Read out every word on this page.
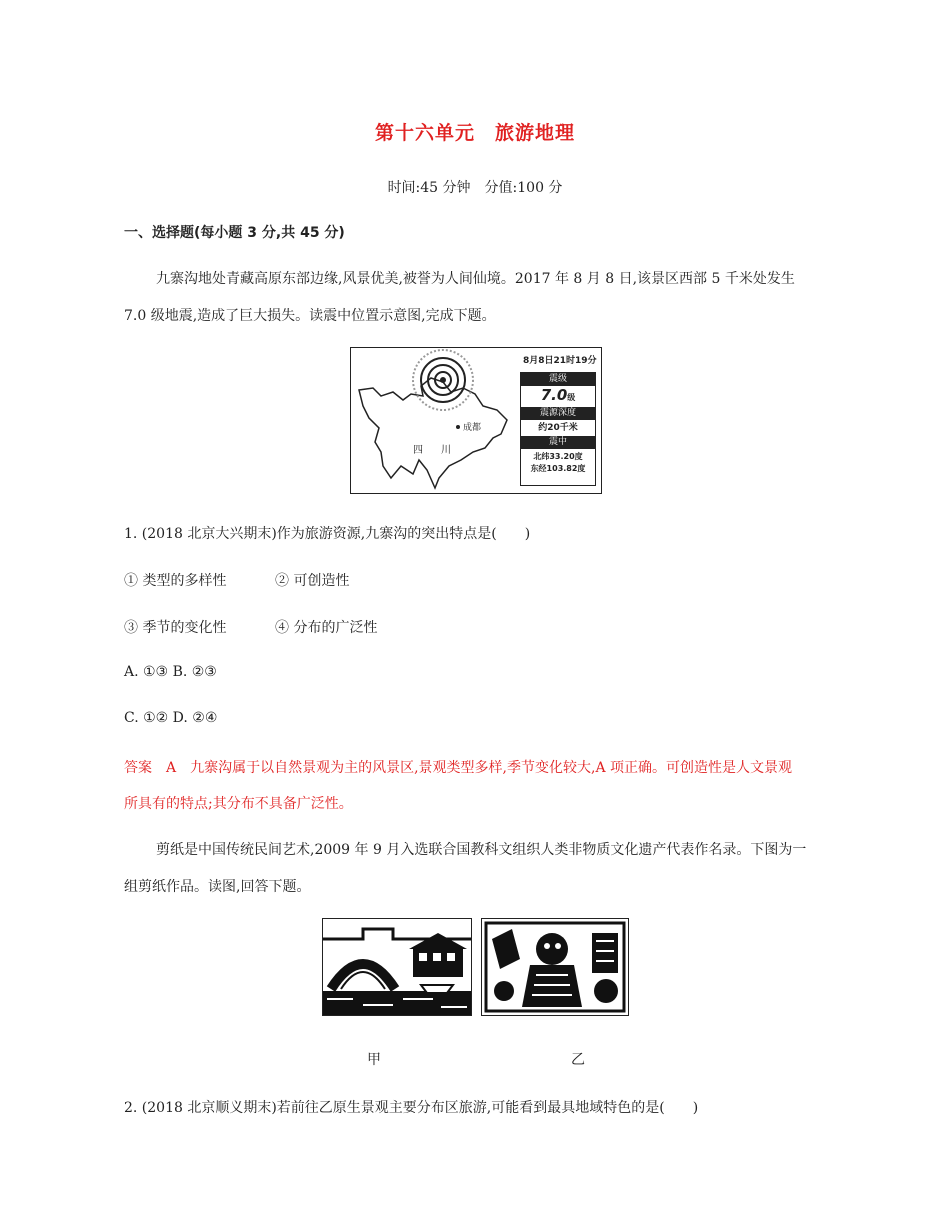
第十六单元　旅游地理
时间:45 分钟　分值:100 分
一、选择题(每小题 3 分,共 45 分)
九寨沟地处青藏高原东部边缘,风景优美,被誉为人间仙境。2017 年 8 月 8 日,该景区西部 5 千米处发生
7.0 级地震,造成了巨大损失。读震中位置示意图,完成下题。
成都
四 川
8月8日21时19分
震级
7.0级
震源深度
约20千米
震中
北纬33.20度
东经103.82度
1. (2018 北京大兴期末)作为旅游资源,九寨沟的突出特点是(　　)
① 类型的多样性	② 可创造性
③ 季节的变化性	④ 分布的广泛性
A. ①③ B. ②③
C. ①② D. ②④
答案　A　九寨沟属于以自然景观为主的风景区,景观类型多样,季节变化较大,A 项正确。可创造性是人文景观
所具有的特点;其分布不具备广泛性。
剪纸是中国传统民间艺术,2009 年 9 月入选联合国教科文组织人类非物质文化遗产代表作名录。下图为一
组剪纸作品。读图,回答下题。
甲	乙
2. (2018 北京顺义期末)若前往乙原生景观主要分布区旅游,可能看到最具地域特色的是(　　)
